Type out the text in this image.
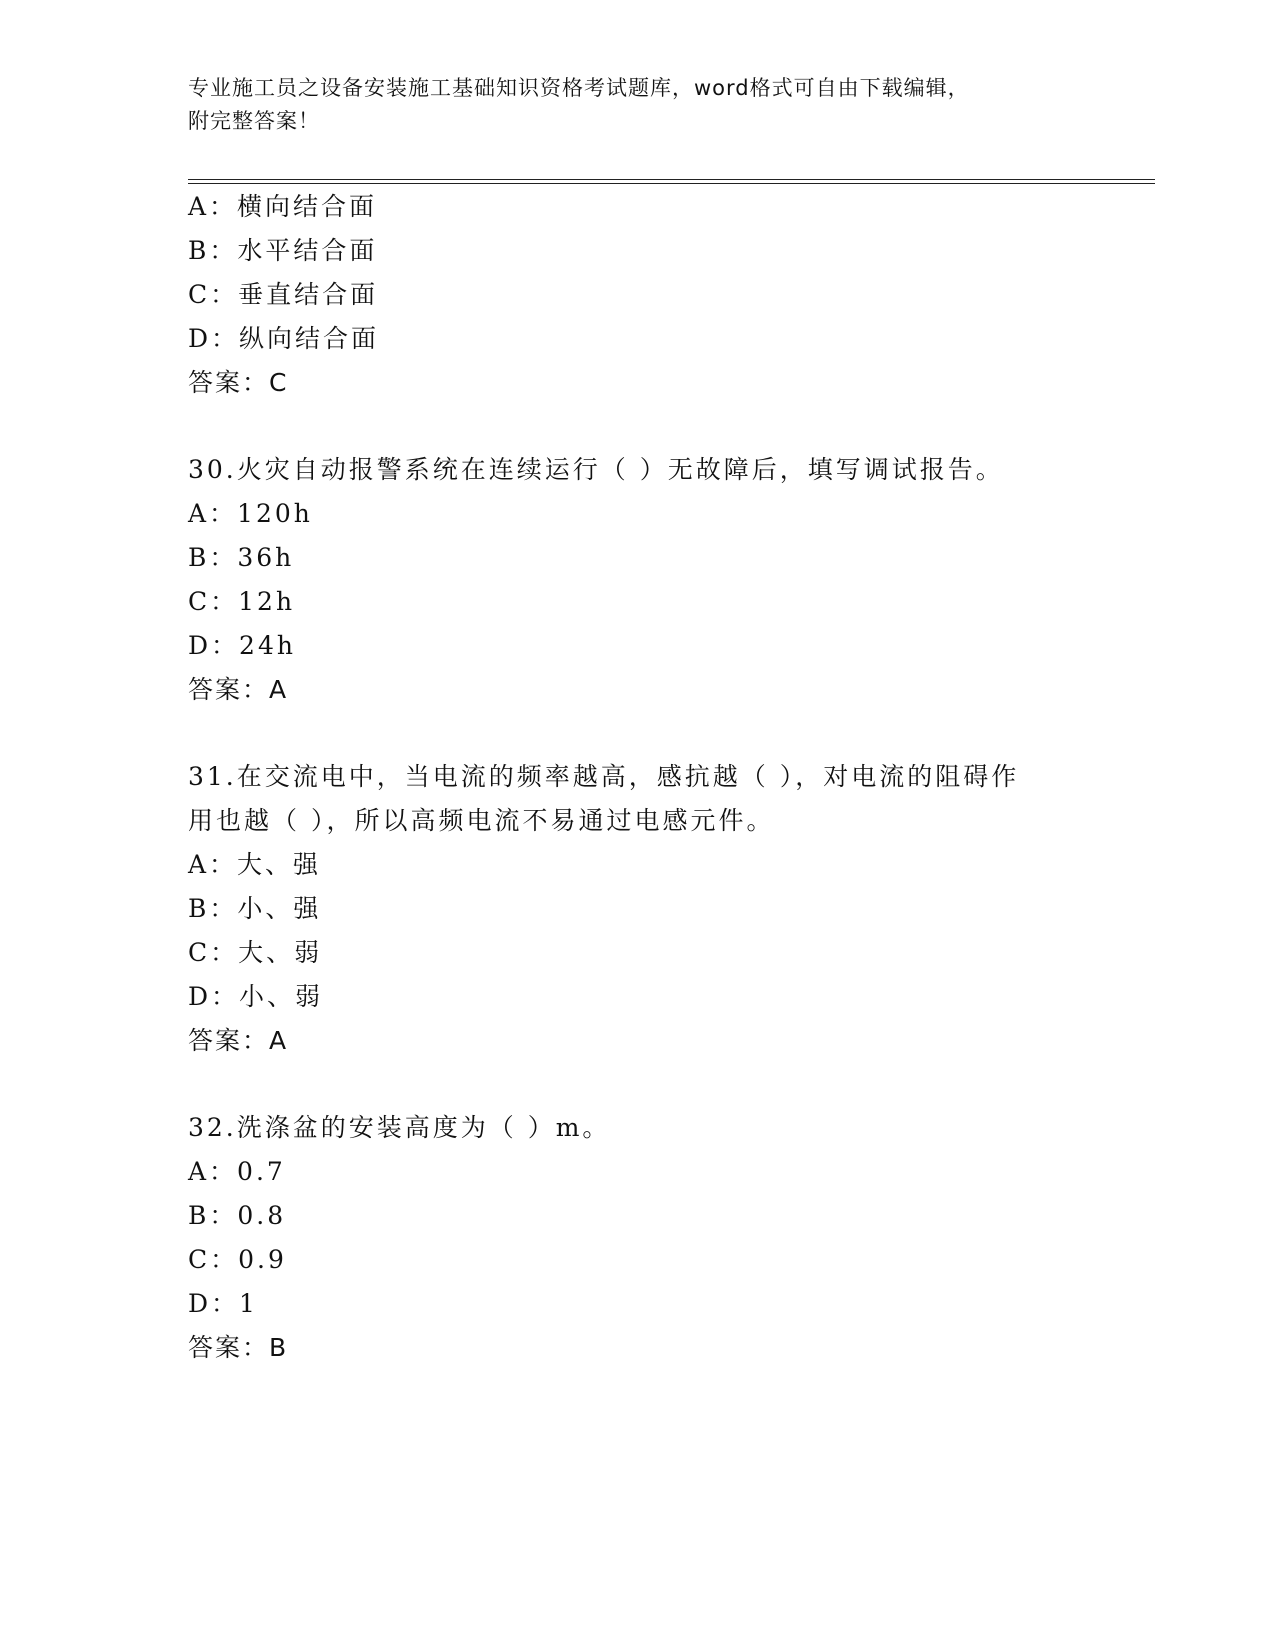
专业施工员之设备安装施工基础知识资格考试题库，word格式可自由下载编辑，
附完整答案！
A：横向结合面
B：水平结合面
C：垂直结合面
D：纵向结合面
答案：C
30.火灾自动报警系统在连续运行（ ）无故障后，填写调试报告。
A：120h
B：36h
C：12h
D：24h
答案：A
31.在交流电中，当电流的频率越高，感抗越（ ），对电流的阻碍作
用也越（ ），所以高频电流不易通过电感元件。
A：大、强
B：小、强
C：大、弱
D：小、弱
答案：A
32.洗涤盆的安装高度为（ ）m。
A：0.7
B：0.8
C：0.9
D：1
答案：B
